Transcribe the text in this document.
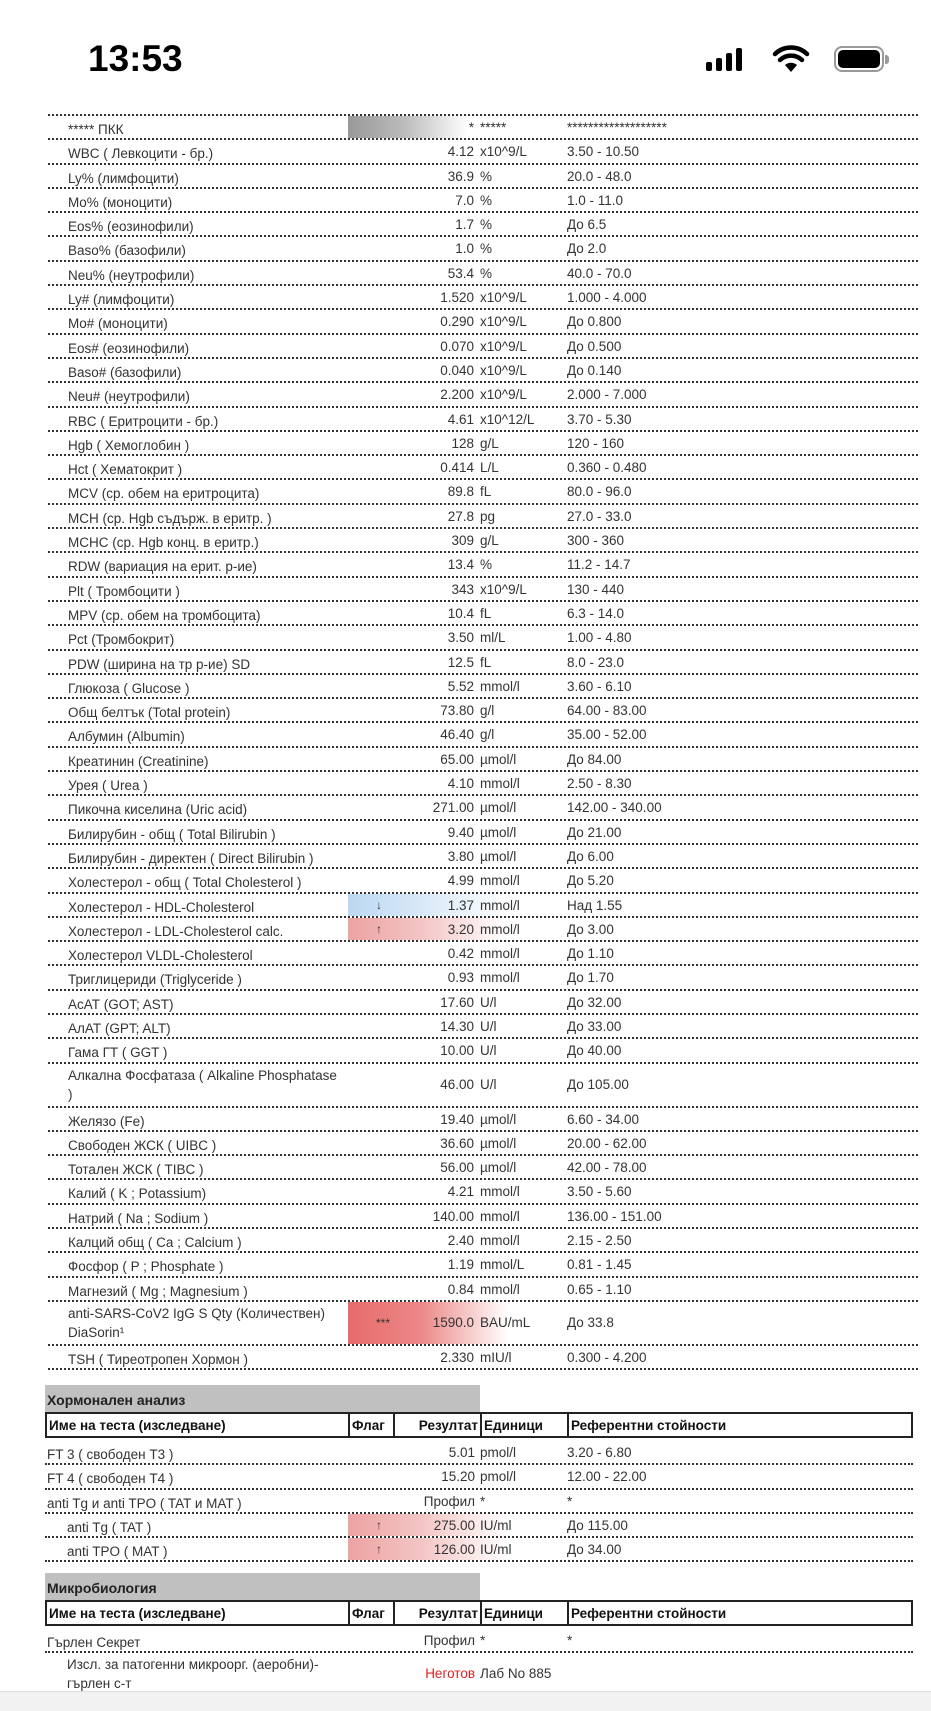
13:53
***** ПКК	* *****	*******************
WBC ( Левкоцити - бр.)	4.12 x10^9/L	3.50 - 10.50
Ly% (лимфоцити)	36.9 %	20.0 - 48.0
Mo% (моноцити)	7.0 %	1.0 - 11.0
Eos% (еозинофили)	1.7 %	До 6.5
Baso% (базофили)	1.0 %	До 2.0
Neu% (неутрофили)	53.4 %	40.0 - 70.0
Ly# (лимфоцити)	1.520 x10^9/L	1.000 - 4.000
Mo# (моноцити)	0.290 x10^9/L	До 0.800
Eos# (еозинофили)	0.070 x10^9/L	До 0.500
Baso# (базофили)	0.040 x10^9/L	До 0.140
Neu# (неутрофили)	2.200 x10^9/L	2.000 - 7.000
RBC ( Еритроцити - бр.)	4.61 x10^12/L 3.70 - 5.30
Hgb ( Хемоглобин )	128 g/L	120 - 160
Hct ( Хематокрит )	0.414 L/L	0.360 - 0.480
MCV (ср. обем на еритроцита)	89.8 fL	80.0 - 96.0
MCH (ср. Hgb съдърж. в еритр. )	27.8 pg	27.0 - 33.0
MCHC (ср. Hgb конц. в еритр.)	309 g/L	300 - 360
RDW (вариация на ерит. р-ие)	13.4 %	11.2 - 14.7
Plt ( Тромбоцити )	343 x10^9/L	130 - 440
MPV (ср. обем на тромбоцита)	10.4 fL	6.3 - 14.0
Pct (Тромбокрит)	3.50 ml/L	1.00 - 4.80
PDW (ширина на тр р-ие) SD	12.5 fL	8.0 - 23.0
Глюкоза ( Glucose )	5.52 mmol/l	3.60 - 6.10
Общ белтък (Total protein)	73.80 g/l	64.00 - 83.00
Албумин (Albumin)	46.40 g/l	35.00 - 52.00
Креатинин (Creatinine)	65.00 µmol/l	До 84.00
Урея ( Urea )	4.10 mmol/l	2.50 - 8.30
Пикочна киселина (Uric acid)	271.00 µmol/l	142.00 - 340.00
Билирубин - общ ( Total Bilirubin )	9.40 µmol/l	До 21.00
Билирубин - директен ( Direct Bilirubin )	3.80 µmol/l	До 6.00
Холестерол - общ ( Total Cholesterol )	4.99 mmol/l	До 5.20
Холестерол - HDL-Cholesterol	↓	1.37 mmol/l	Над 1.55
Холестерол - LDL-Cholesterol calc.	↑	3.20 mmol/l	До 3.00
Холестерол VLDL-Cholesterol	0.42 mmol/l	До 1.10
Триглицериди (Triglyceride )	0.93 mmol/l	До 1.70
АсАТ (GOT; AST)	17.60 U/l	До 32.00
АлАТ (GPT; ALT)	14.30 U/l	До 33.00
Гама ГТ ( GGT )	10.00 U/l	До 40.00
Алкална Фосфатаза ( Alkaline Phosphatase )
46.00 U/l	До 105.00
Желязо (Fe)	19.40 µmol/l	6.60 - 34.00
Свободен ЖСК ( UIBC )	36.60 µmol/l	20.00 - 62.00
Тотален ЖСК ( TIBC )	56.00 µmol/l	42.00 - 78.00
Калий ( K ; Potassium)	4.21 mmol/l	3.50 - 5.60
Натрий ( Na ; Sodium )	140.00 mmol/l	136.00 - 151.00
Калций общ ( Ca ; Calcium )	2.40 mmol/l	2.15 - 2.50
Фосфор ( P ; Phosphate )	1.19 mmol/L	0.81 - 1.45
Магнезий ( Mg ; Magnesium )	0.84 mmol/l	0.65 - 1.10
anti-SARS-CoV2 IgG S Qty (Количествен) DiaSorin¹
***	1590.0 BAU/mL	До 33.8
TSH ( Тиреотропен Хормон )	2.330 mIU/l	0.300 - 4.200
Хормонален анализ
Име на теста (изследване)	Флаг	Резултат Единици	Референтни стойности
FT 3 ( свободен T3 )	5.01 pmol/l	3.20 - 6.80
FT 4 ( свободен T4 )	15.20 pmol/l	12.00 - 22.00
anti Tg и anti TPO ( TAT и MAT )	Профил *	*
anti Tg ( TAT )	↑	275.00 IU/ml	До 115.00
anti TPO ( MAT )	↑	126.00 IU/ml	До 34.00
Микробиология
Име на теста (изследване)	Флаг	Резултат Единици	Референтни стойности
Гърлен Секрет	Профил *	*
Изсл. за патогенни микроорг. (аеробни)-гърлен с-т
Неготов Лаб No 885
